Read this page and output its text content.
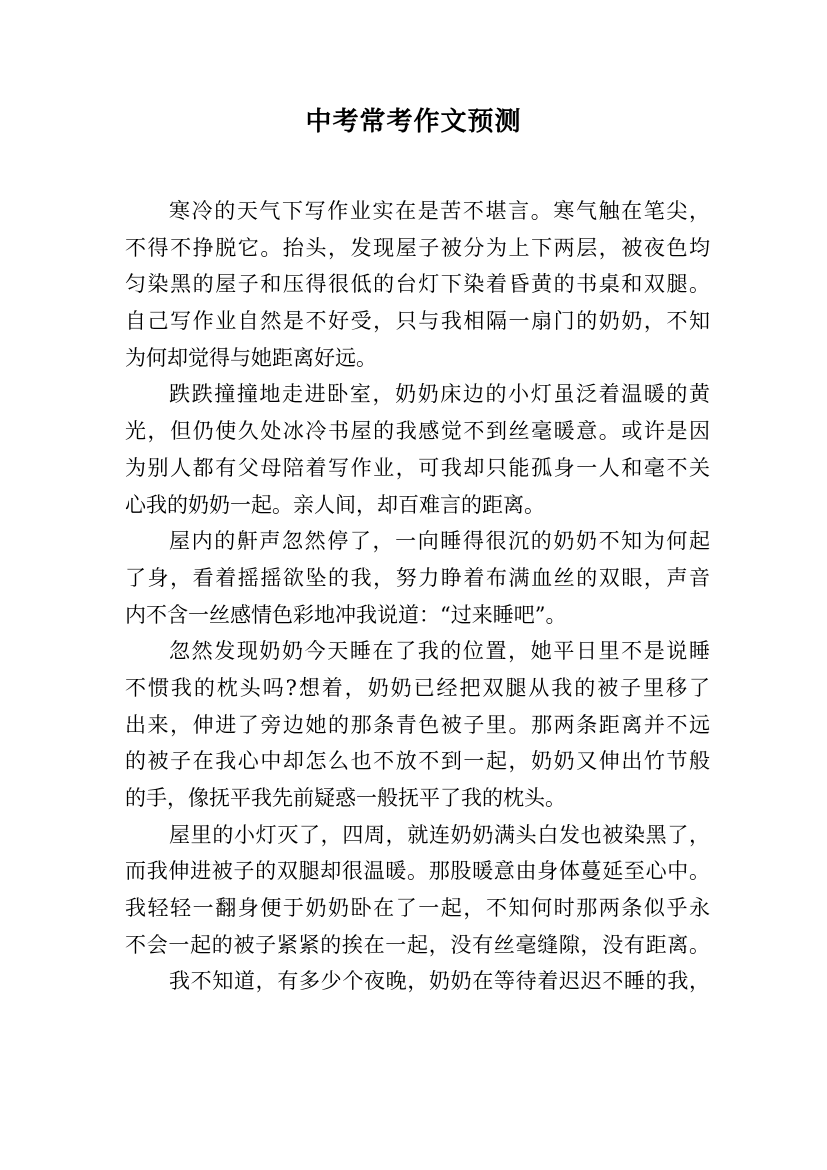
中考常考作文预测
寒冷的天气下写作业实在是苦不堪言。寒气触在笔尖，
不得不挣脱它。抬头，发现屋子被分为上下两层，被夜色均
匀染黑的屋子和压得很低的台灯下染着昏黄的书桌和双腿。
自己写作业自然是不好受，只与我相隔一扇门的奶奶，不知
为何却觉得与她距离好远。
跌跌撞撞地走进卧室，奶奶床边的小灯虽泛着温暖的黄
光，但仍使久处冰冷书屋的我感觉不到丝毫暖意。或许是因
为别人都有父母陪着写作业，可我却只能孤身一人和毫不关
心我的奶奶一起。亲人间，却百难言的距离。
屋内的鼾声忽然停了，一向睡得很沉的奶奶不知为何起
了身，看着摇摇欲坠的我，努力睁着布满血丝的双眼，声音
内不含一丝感情色彩地冲我说道：“过来睡吧”。
忽然发现奶奶今天睡在了我的位置，她平日里不是说睡
不惯我的枕头吗?想着，奶奶已经把双腿从我的被子里移了
出来，伸进了旁边她的那条青色被子里。那两条距离并不远
的被子在我心中却怎么也不放不到一起，奶奶又伸出竹节般
的手，像抚平我先前疑惑一般抚平了我的枕头。
屋里的小灯灭了，四周，就连奶奶满头白发也被染黑了，
而我伸进被子的双腿却很温暖。那股暖意由身体蔓延至心中。
我轻轻一翻身便于奶奶卧在了一起，不知何时那两条似乎永
不会一起的被子紧紧的挨在一起，没有丝毫缝隙，没有距离。
我不知道，有多少个夜晚，奶奶在等待着迟迟不睡的我，
